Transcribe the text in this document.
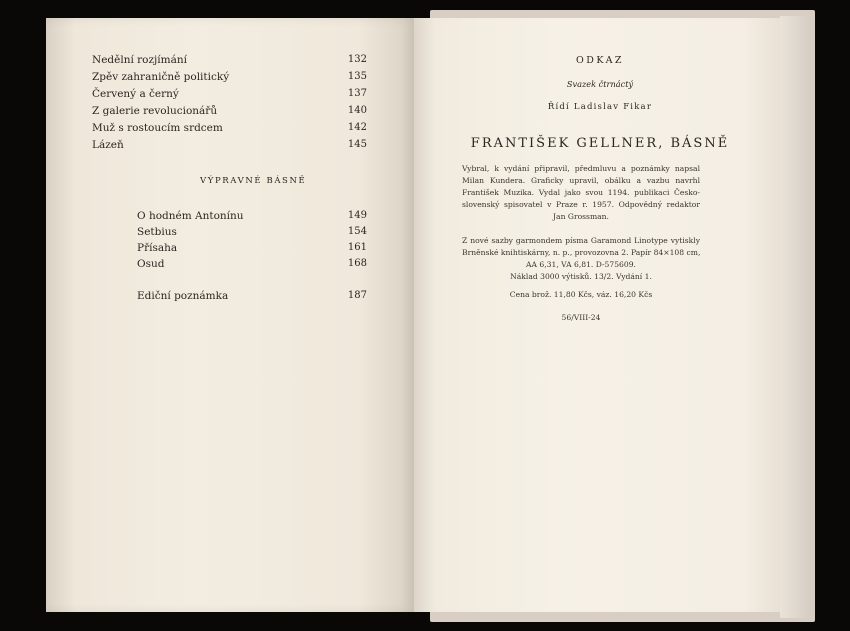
Nedělní rozjímání	132
Zpěv zahraničně politický	135
Červený a černý	137
Z galerie revolucionářů	140
Muž s rostoucím srdcem	142
Lázeň	145
VÝPRAVNÉ BÁSNĚ
O hodném Antonínu	149
Setbius	154
Přísaha	161
Osud	168
Ediční poznámka	187
ODKAZ
Svazek čtrnáctý
Řídí Ladislav Fikar
FRANTIŠEK GELLNER, BÁSNĚ
Vybral, k vydání připravil, předmluvu a poznámky napsal
Milan Kundera. Graficky upravil, obálku a vazbu navrhl
František Muzika. Vydal jako svou 1194. publikaci Česko-
slovenský spisovatel v Praze r. 1957. Odpovědný redaktor
Jan Grossman.
Z nové sazby garmondem písma Garamond Linotype vytiskly
Brněnské knihtiskárny, n. p., provozovna 2. Papír 84×108 cm,
AA 6,31, VA 6,81. D-575609.
Náklad 3000 výtisků. 13/2. Vydání 1.
Cena brož. 11,80 Kčs, váz. 16,20 Kčs
56/VIII-24
